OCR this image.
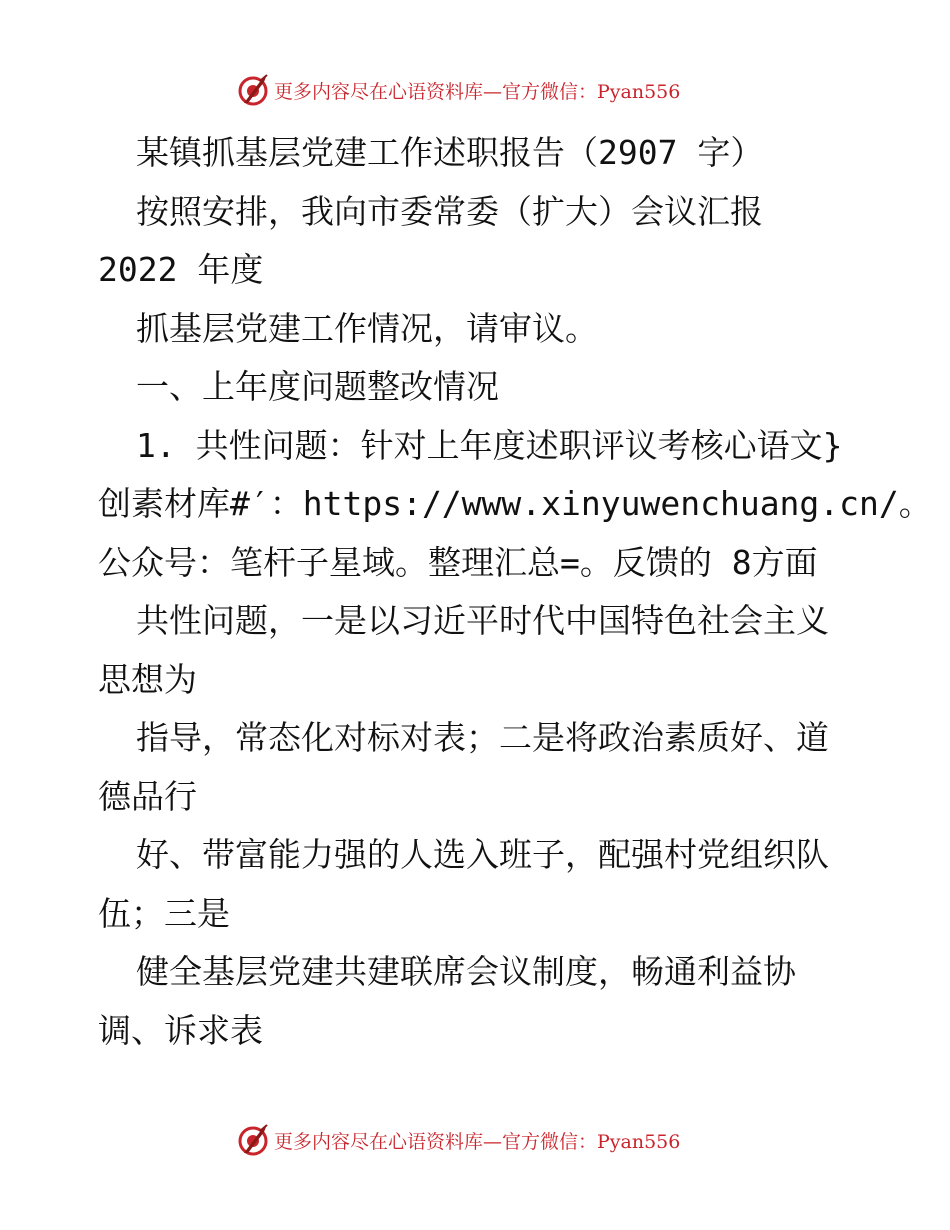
更多内容尽在心语资料库—官方微信：Pyan556
某镇抓基层党建工作述职报告（2907 字）
按照安排，我向市委常委（扩大）会议汇报
2022 年度
抓基层党建工作情况，请审议。
一、上年度问题整改情况
1. 共性问题：针对上年度述职评议考核心语文}
创素材库#′：https://www.xinyuwenchuang.cn/。
公众号：笔杆子星域。整理汇总=。反馈的 8方面
共性问题，一是以习近平时代中国特色社会主义
思想为
指导，常态化对标对表；二是将政治素质好、道
德品行
好、带富能力强的人选入班子，配强村党组织队
伍；三是
健全基层党建共建联席会议制度，畅通利益协
调、诉求表
更多内容尽在心语资料库—官方微信：Pyan556
